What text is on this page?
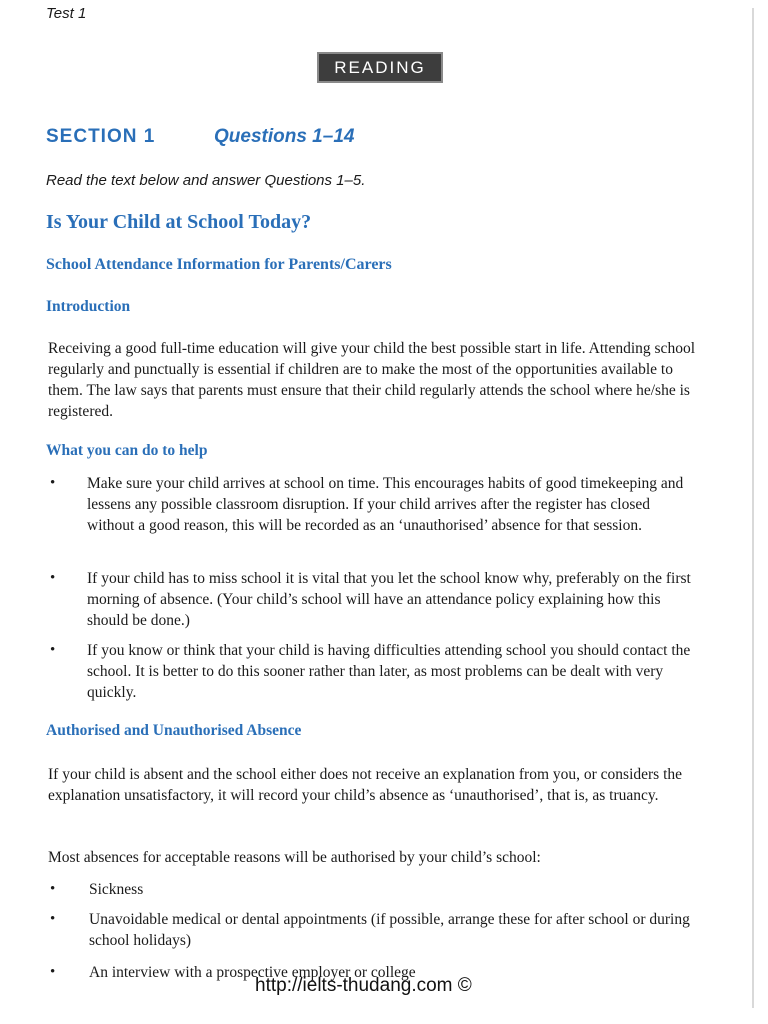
Test 1
READING
SECTION 1	Questions 1–14
Read the text below and answer Questions 1–5.
Is Your Child at School Today?
School Attendance Information for Parents/Carers
Introduction

Receiving a good full-time education will give your child the best possible start in life. Attending school regularly and punctually is essential if children are to make the most of the opportunities available to them. The law says that parents must ensure that their child regularly attends the school where he/she is registered.

What you can do to help
• Make sure your child arrives at school on time. This encourages habits of good timekeeping and lessens any possible classroom disruption. If your child arrives after the register has closed without a good reason, this will be recorded as an ‘unauthorised’ absence for that session.
• If your child has to miss school it is vital that you let the school know why, preferably on the first morning of absence. (Your child’s school will have an attendance policy explaining how this should be done.)
• If you know or think that your child is having difficulties attending school you should contact the school. It is better to do this sooner rather than later, as most problems can be dealt with very quickly.
Authorised and Unauthorised Absence

If your child is absent and the school either does not receive an explanation from you, or considers the explanation unsatisfactory, it will record your child’s absence as ‘unauthorised’, that is, as truancy.

Most absences for acceptable reasons will be authorised by your child’s school:

• Sickness
• Unavoidable medical or dental appointments (if possible, arrange these for after school or during school holidays)
• An interview with a prospective employer or college
http://ielts-thudang.com ©
